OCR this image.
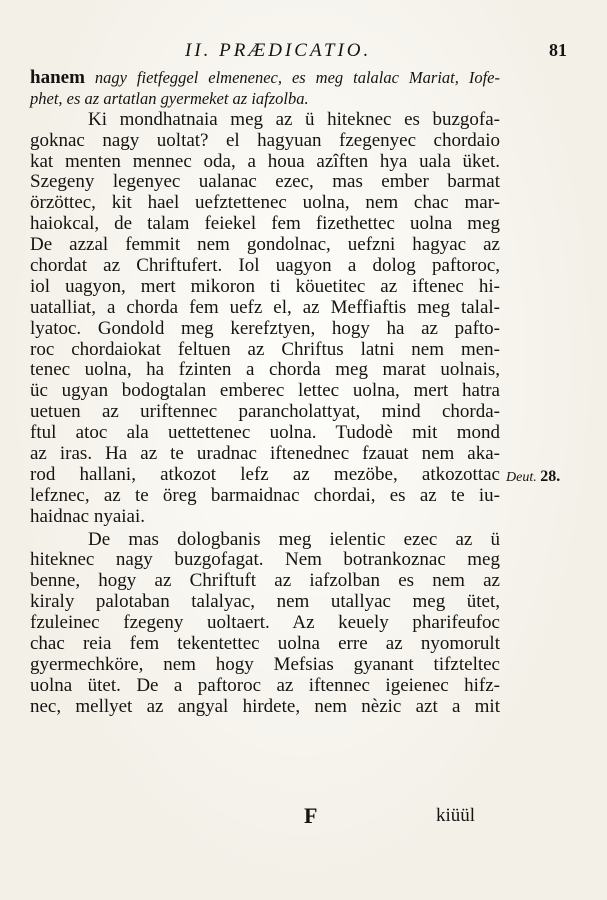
II. PRÆDICATIO.	81
hanem nagy fietfeggel elmenenec, es meg talalac Mariat, Iofe-
phet, es az artatlan gyermeket az iafzolba.
Ki mondhatnaia meg az ü hiteknec es buzgofa-
goknac nagy uoltat? el hagyuan fzegenyec chordaio
kat menten mennec oda, a houa azîften hya uala üket.
Szegeny legenyec ualanac ezec, mas ember barmat
örzöttec, kit hael uefztettenec uolna, nem chac mar-
haiokcal, de talam feiekel fem fizethettec uolna meg
De azzal femmit nem gondolnac, uefzni hagyac az
chordat az Chriftufert. Iol uagyon a dolog paftoroc,
iol uagyon, mert mikoron ti köuetitec az iftenec hi-
uatalliat, a chorda fem uefz el, az Meffiaftis meg talal-
lyatoc. Gondold meg kerefztyen, hogy ha az pafto-
roc chordaiokat feltuen az Chriftus latni nem men-
tenec uolna, ha fzinten a chorda meg marat uolnais,
üc ugyan bodogtalan emberec lettec uolna, mert hatra
uetuen az uriftennec parancholattyat, mind chorda-
ftul atoc ala uettettenec uolna. Tudodè mit mond
az iras. Ha az te uradnac iftenednec fzauat nem aka-
rod hallani, atkozot lefz az mezöbe, atkozottac
lefznec, az te öreg barmaidnac chordai, es az te iu-
haidnac nyaiai.
De mas dologbanis meg ielentic ezec az ü
hiteknec nagy buzgofagat. Nem botrankoznac meg
benne, hogy az Chriftuft az iafzolban es nem az
kiraly palotaban talalyac, nem utallyac meg ütet,
fzuleinec fzegeny uoltaert. Az keuely pharifeufoc
chac reia fem tekentettec uolna erre az nyomorult
gyermechköre, nem hogy Mefsias gyanant tifzteltec
uolna ütet. De a paftoroc az iftennec igeienec hifz-
nec, mellyet az angyal hirdete, nem nèzic azt a mit
Deut. 28.
F	kiüül
